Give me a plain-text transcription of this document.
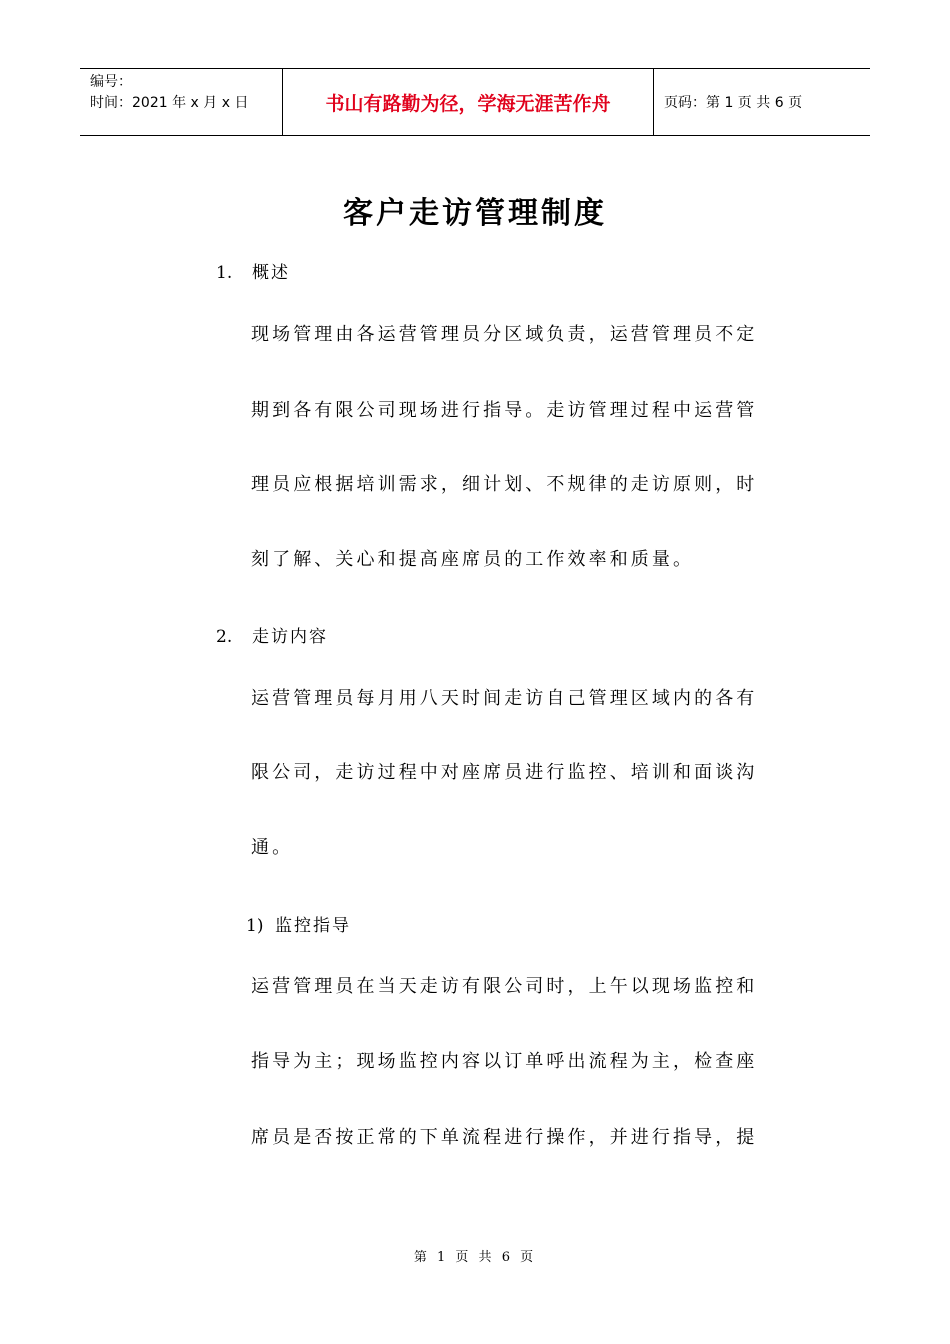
编号：
时间：2021 年 x 月 x 日	书山有路勤为径，学海无涯苦作舟	页码：第 1 页 共 6 页
客户走访管理制度
1. 概述
现场管理由各运营管理员分区域负责，运营管理员不定
期到各有限公司现场进行指导。走访管理过程中运营管
理员应根据培训需求，细计划、不规律的走访原则，时
刻了解、关心和提高座席员的工作效率和质量。
2. 走访内容
运营管理员每月用八天时间走访自己管理区域内的各有
限公司，走访过程中对座席员进行监控、培训和面谈沟
通。
1) 监控指导
运营管理员在当天走访有限公司时，上午以现场监控和
指导为主；现场监控内容以订单呼出流程为主，检查座
席员是否按正常的下单流程进行操作，并进行指导，提
第 1 页 共 6 页
